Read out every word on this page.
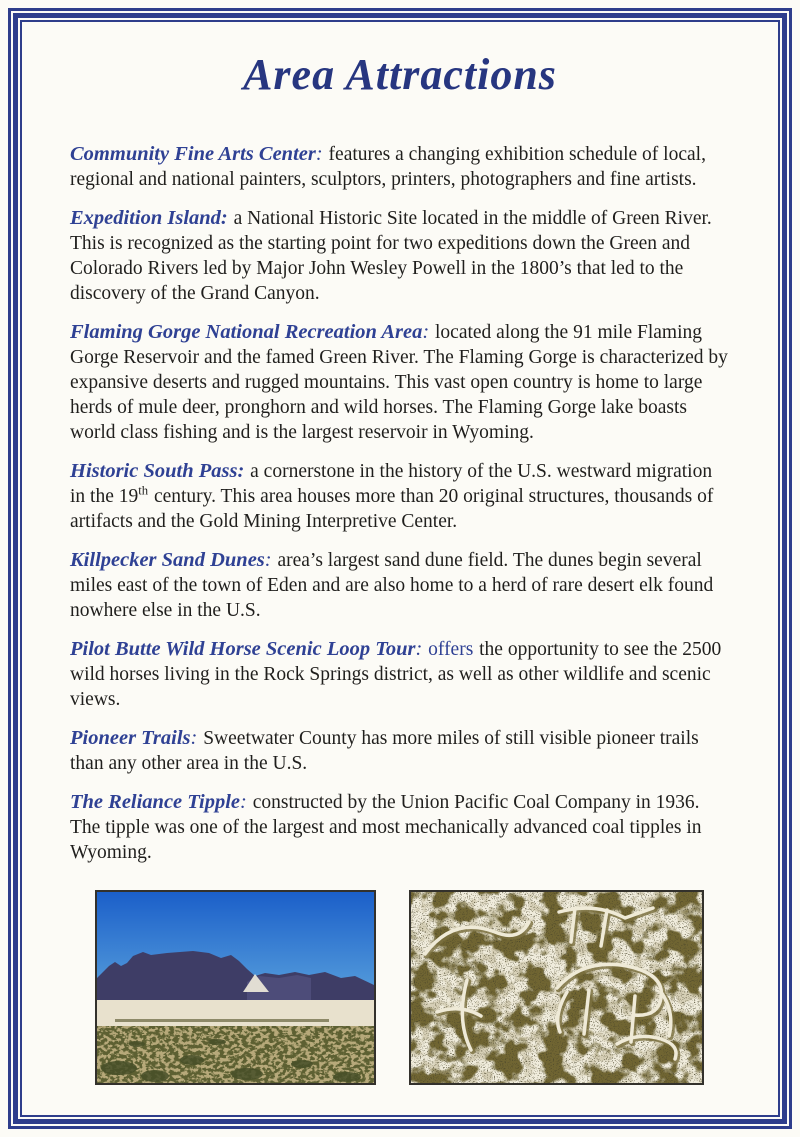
Area Attractions

Community Fine Arts Center: features a changing exhibition schedule of local, regional and national painters, sculptors, printers, photographers and fine artists.

Expedition Island: a National Historic Site located in the middle of Green River. This is recognized as the starting point for two expeditions down the Green and Colorado Rivers led by Major John Wesley Powell in the 1800’s that led to the discovery of the Grand Canyon.

Flaming Gorge National Recreation Area: located along the 91 mile Flaming Gorge Reservoir and the famed Green River. The Flaming Gorge is characterized by expansive deserts and rugged mountains. This vast open country is home to large herds of mule deer, pronghorn and wild horses. The Flaming Gorge lake boasts world class fishing and is the largest reservoir in Wyoming.

Historic South Pass: a cornerstone in the history of the U.S. westward migration in the 19th century. This area houses more than 20 original structures, thousands of artifacts and the Gold Mining Interpretive Center.

Killpecker Sand Dunes: area’s largest sand dune field. The dunes begin several miles east of the town of Eden and are also home to a herd of rare desert elk found nowhere else in the U.S.

Pilot Butte Wild Horse Scenic Loop Tour: offers the opportunity to see the 2500 wild horses living in the Rock Springs district, as well as other wildlife and scenic views.

Pioneer Trails: Sweetwater County has more miles of still visible pioneer trails than any other area in the U.S.

The Reliance Tipple: constructed by the Union Pacific Coal Company in 1936. The tipple was one of the largest and most mechanically advanced coal tipples in Wyoming.
